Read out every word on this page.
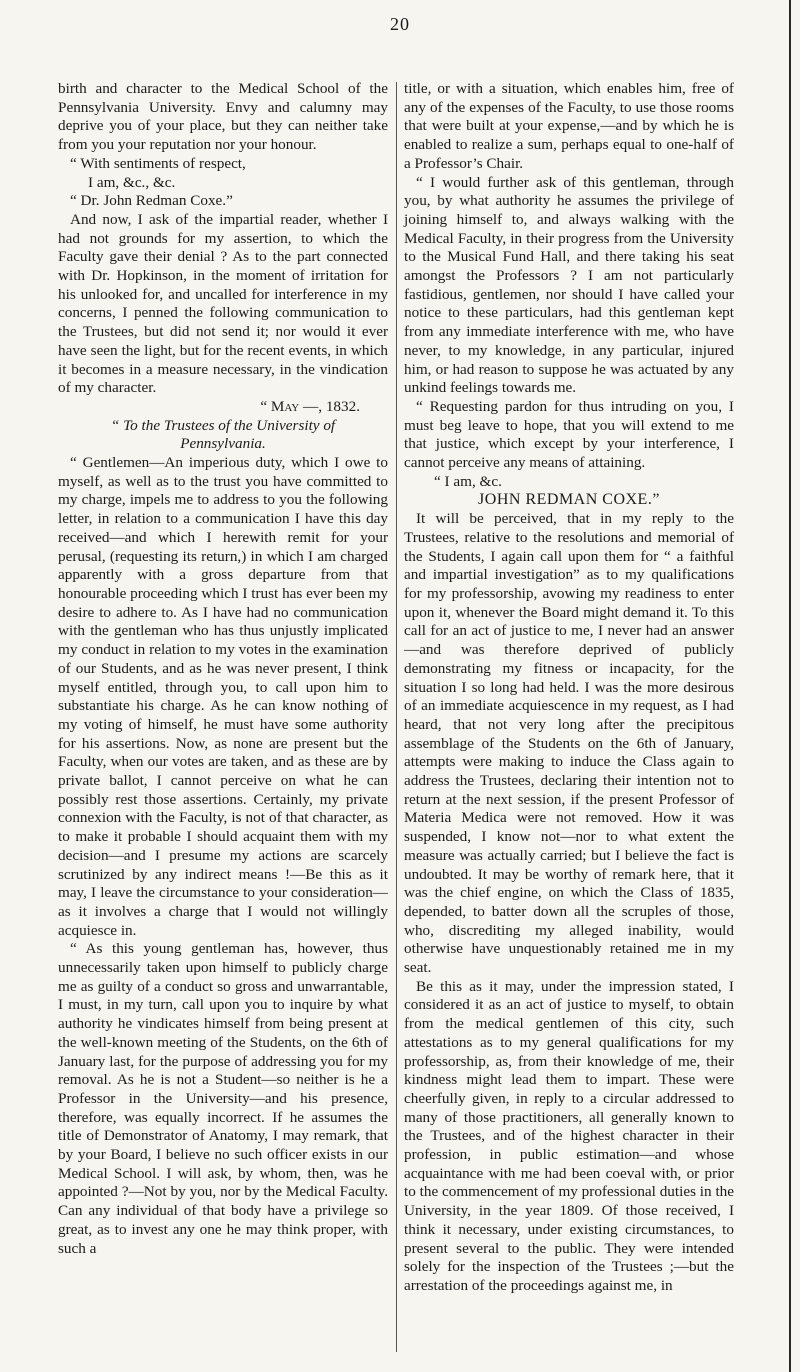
20

birth and character to the Medical School of the Pennsylvania University. Envy and calumny may deprive you of your place, but they can neither take from you your reputation nor your honour.

“ With sentiments of respect,

I am, &c., &c.

“ Dr. John Redman Coxe.”

And now, I ask of the impartial reader, whether I had not grounds for my assertion, to which the Faculty gave their denial ? As to the part connected with Dr. Hopkinson, in the moment of irritation for his unlooked for, and uncalled for interference in my concerns, I penned the following communication to the Trustees, but did not send it; nor would it ever have seen the light, but for the recent events, in which it becomes in a measure necessary, in the vindication of my character.

“ May —, 1832.

“ To the Trustees of the University of Pennsylvania.

“ Gentlemen—An imperious duty, which I owe to myself, as well as to the trust you have committed to my charge, impels me to address to you the following letter, in relation to a communication I have this day received—and which I herewith remit for your perusal, (requesting its return,) in which I am charged apparently with a gross departure from that honourable proceeding which I trust has ever been my desire to adhere to. As I have had no communication with the gentleman who has thus unjustly implicated my conduct in relation to my votes in the examination of our Students, and as he was never present, I think myself entitled, through you, to call upon him to substantiate his charge. As he can know nothing of my voting of himself, he must have some authority for his assertions. Now, as none are present but the Faculty, when our votes are taken, and as these are by private ballot, I cannot perceive on what he can possibly rest those assertions. Certainly, my private connexion with the Faculty, is not of that character, as to make it probable I should acquaint them with my decision—and I presume my actions are scarcely scrutinized by any indirect means !—Be this as it may, I leave the circumstance to your consideration—as it involves a charge that I would not willingly acquiesce in.

“ As this young gentleman has, however, thus unnecessarily taken upon himself to publicly charge me as guilty of a conduct so gross and unwarrantable, I must, in my turn, call upon you to inquire by what authority he vindicates himself from being present at the well-known meeting of the Students, on the 6th of January last, for the purpose of addressing you for my removal. As he is not a Student—so neither is he a Professor in the University—and his presence, therefore, was equally incorrect. If he assumes the title of Demonstrator of Anatomy, I may remark, that by your Board, I believe no such officer exists in our Medical School. I will ask, by whom, then, was he appointed ?—Not by you, nor by the Medical Faculty. Can any individual of that body have a privilege so great, as to invest any one he may think proper, with such a

title, or with a situation, which enables him, free of any of the expenses of the Faculty, to use those rooms that were built at your expense,—and by which he is enabled to realize a sum, perhaps equal to one-half of a Professor’s Chair.

“ I would further ask of this gentleman, through you, by what authority he assumes the privilege of joining himself to, and always walking with the Medical Faculty, in their progress from the University to the Musical Fund Hall, and there taking his seat amongst the Professors ? I am not particularly fastidious, gentlemen, nor should I have called your notice to these particulars, had this gentleman kept from any immediate interference with me, who have never, to my knowledge, in any particular, injured him, or had reason to suppose he was actuated by any unkind feelings towards me.

“ Requesting pardon for thus intruding on you, I must beg leave to hope, that you will extend to me that justice, which except by your interference, I cannot perceive any means of attaining.

“ I am, &c.

JOHN REDMAN COXE.”

It will be perceived, that in my reply to the Trustees, relative to the resolutions and memorial of the Students, I again call upon them for “ a faithful and impartial investigation” as to my qualifications for my professorship, avowing my readiness to enter upon it, whenever the Board might demand it. To this call for an act of justice to me, I never had an answer—and was therefore deprived of publicly demonstrating my fitness or incapacity, for the situation I so long had held. I was the more desirous of an immediate acquiescence in my request, as I had heard, that not very long after the precipitous assemblage of the Students on the 6th of January, attempts were making to induce the Class again to address the Trustees, declaring their intention not to return at the next session, if the present Professor of Materia Medica were not removed. How it was suspended, I know not—nor to what extent the measure was actually carried; but I believe the fact is undoubted. It may be worthy of remark here, that it was the chief engine, on which the Class of 1835, depended, to batter down all the scruples of those, who, discrediting my alleged inability, would otherwise have unquestionably retained me in my seat.

Be this as it may, under the impression stated, I considered it as an act of justice to myself, to obtain from the medical gentlemen of this city, such attestations as to my general qualifications for my professorship, as, from their knowledge of me, their kindness might lead them to impart. These were cheerfully given, in reply to a circular addressed to many of those practitioners, all generally known to the Trustees, and of the highest character in their profession, in public estimation—and whose acquaintance with me had been coeval with, or prior to the commencement of my professional duties in the University, in the year 1809. Of those received, I think it necessary, under existing circumstances, to present several to the public. They were intended solely for the inspection of the Trustees ;—but the arrestation of the proceedings against me, in
